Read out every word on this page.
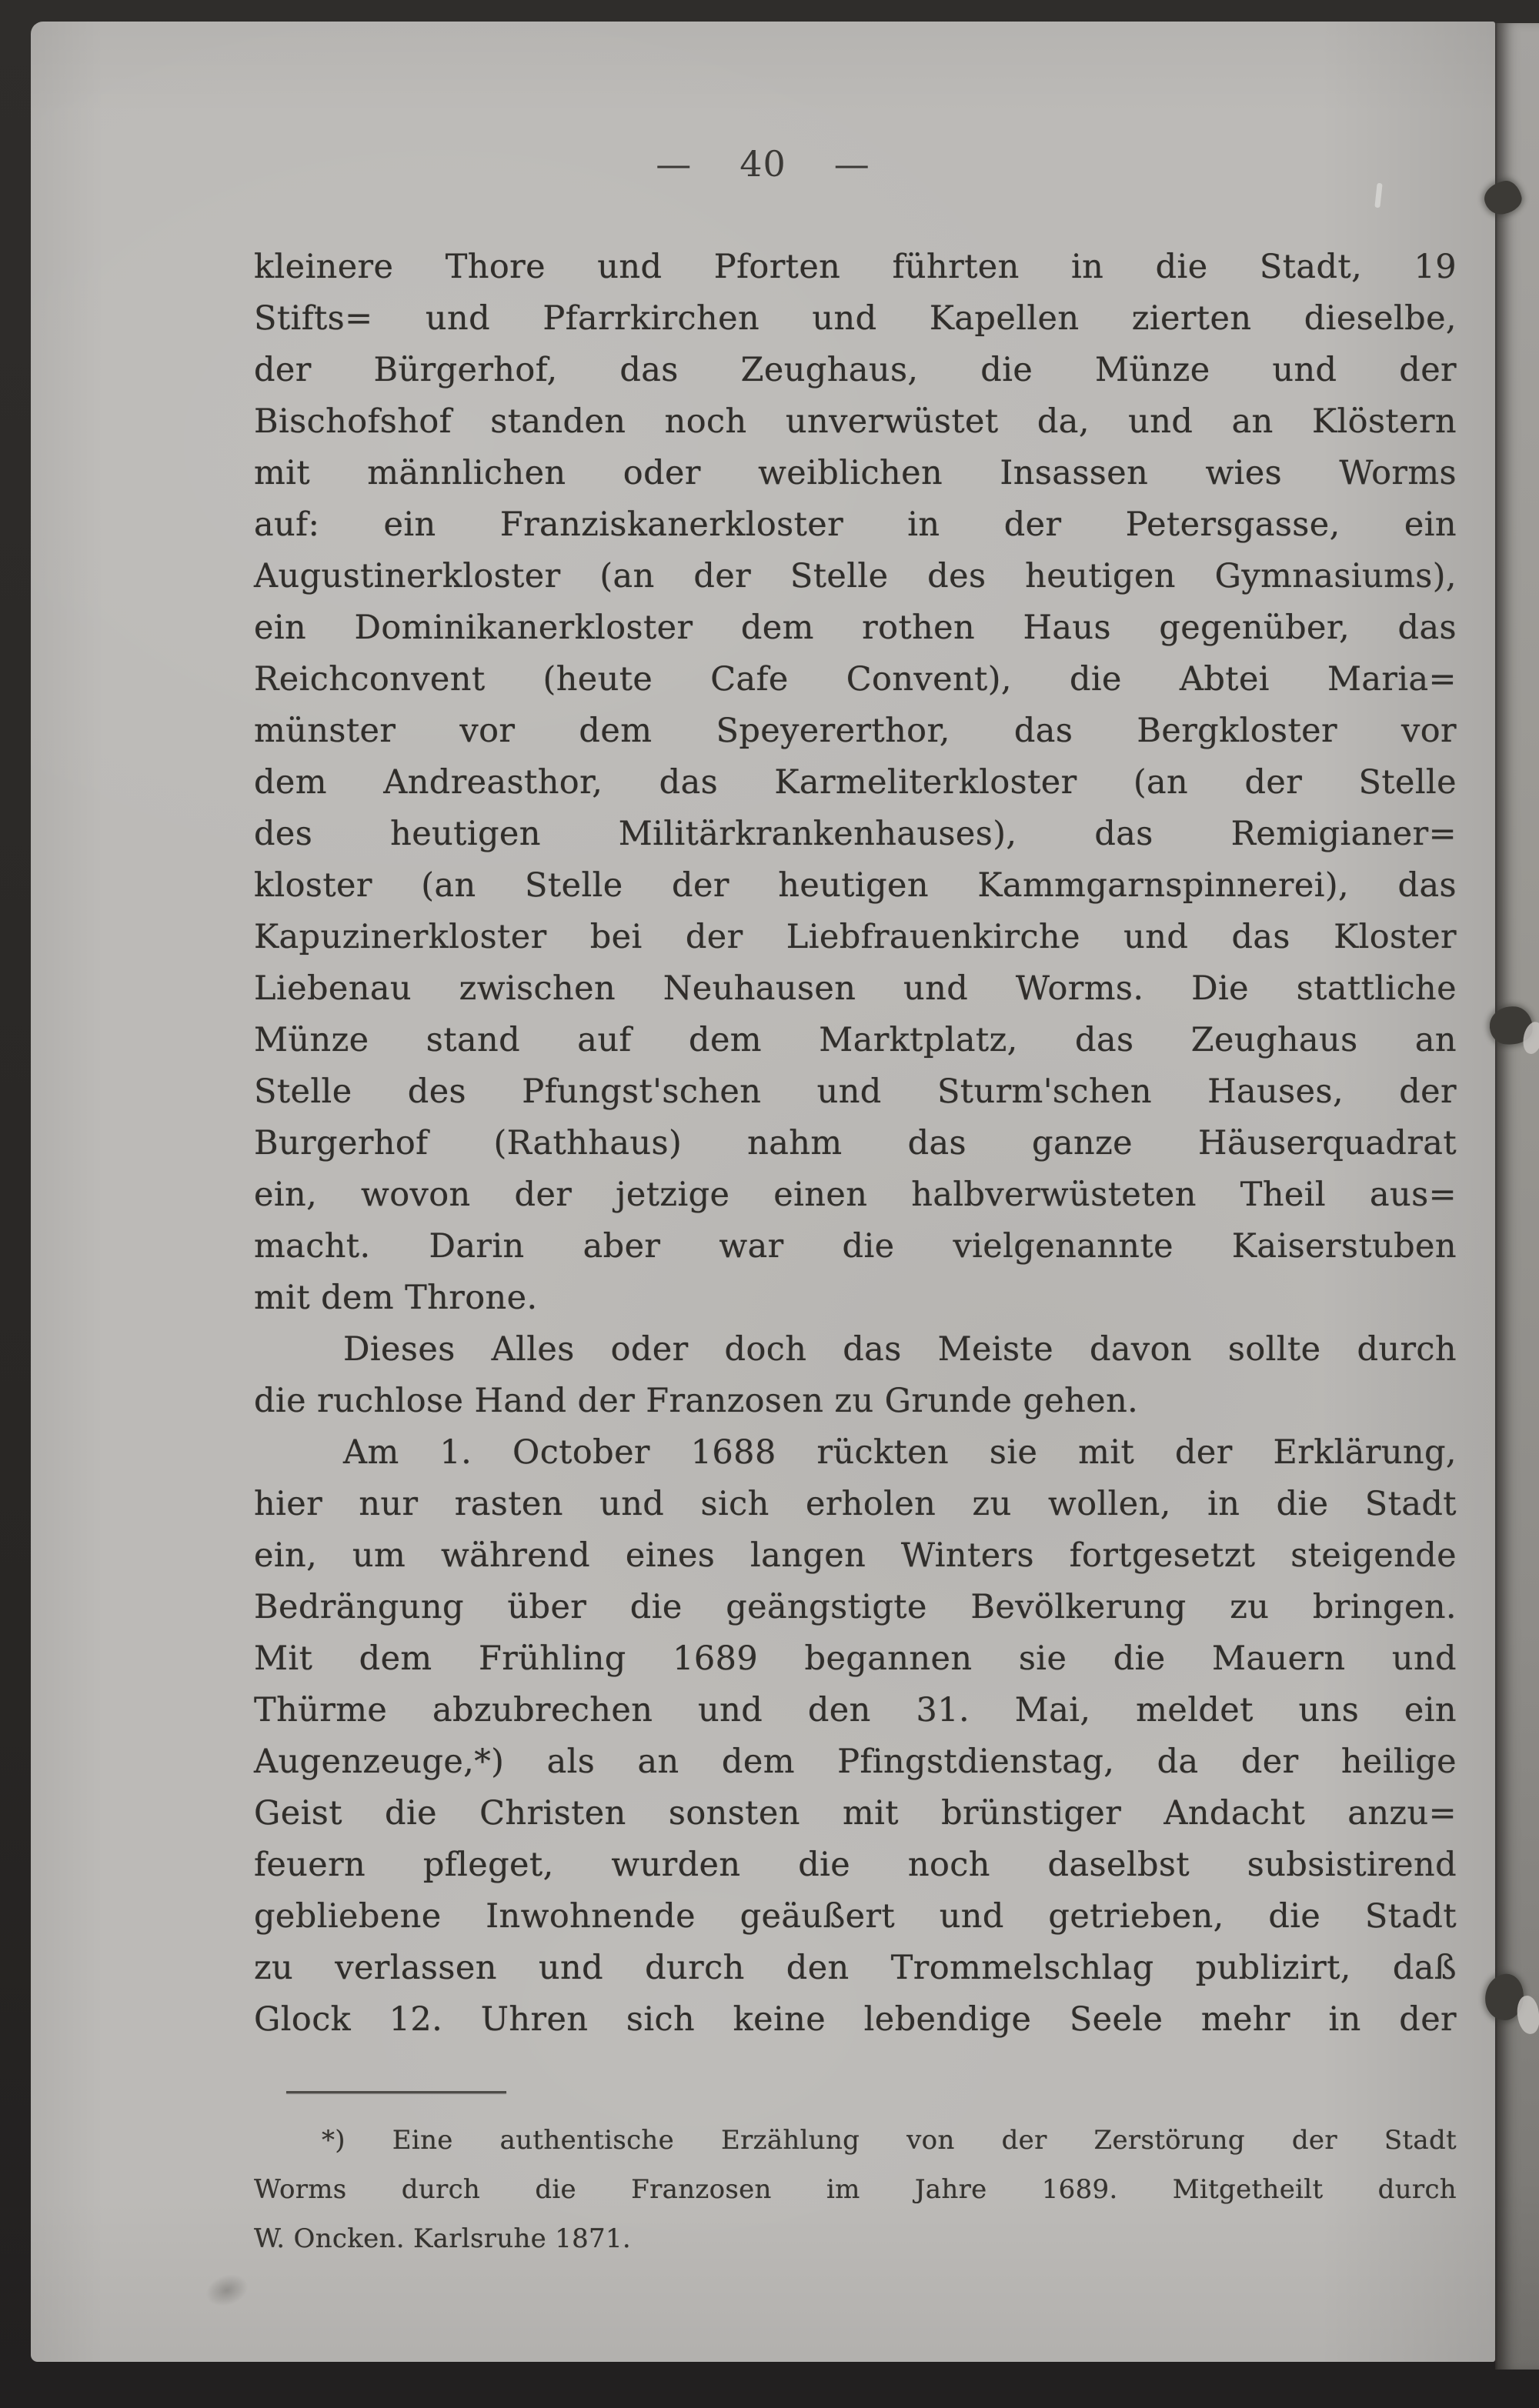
— 40 —
kleinere Thore und Pforten führten in die Stadt, 19
Stifts= und Pfarrkirchen und Kapellen zierten dieselbe,
der Bürgerhof, das Zeughaus, die Münze und der
Bischofshof standen noch unverwüstet da, und an Klöstern
mit männlichen oder weiblichen Insassen wies Worms
auf: ein Franziskanerkloster in der Petersgasse, ein
Augustinerkloster (an der Stelle des heutigen Gymnasiums),
ein Dominikanerkloster dem rothen Haus gegenüber, das
Reichconvent (heute Cafe Convent), die Abtei Maria=
münster vor dem Speyererthor, das Bergkloster vor
dem Andreasthor, das Karmeliterkloster (an der Stelle
des heutigen Militärkrankenhauses), das Remigianer=
kloster (an Stelle der heutigen Kammgarnspinnerei), das
Kapuzinerkloster bei der Liebfrauenkirche und das Kloster
Liebenau zwischen Neuhausen und Worms. Die stattliche
Münze stand auf dem Marktplatz, das Zeughaus an
Stelle des Pfungst'schen und Sturm'schen Hauses, der
Burgerhof (Rathhaus) nahm das ganze Häuserquadrat
ein, wovon der jetzige einen halbverwüsteten Theil aus=
macht. Darin aber war die vielgenannte Kaiserstuben
mit dem Throne.
Dieses Alles oder doch das Meiste davon sollte durch
die ruchlose Hand der Franzosen zu Grunde gehen.
Am 1. October 1688 rückten sie mit der Erklärung,
hier nur rasten und sich erholen zu wollen, in die Stadt
ein, um während eines langen Winters fortgesetzt steigende
Bedrängung über die geängstigte Bevölkerung zu bringen.
Mit dem Frühling 1689 begannen sie die Mauern und
Thürme abzubrechen und den 31. Mai, meldet uns ein
Augenzeuge,*) als an dem Pfingstdienstag, da der heilige
Geist die Christen sonsten mit brünstiger Andacht anzu=
feuern pfleget, wurden die noch daselbst subsistirend
gebliebene Inwohnende geäußert und getrieben, die Stadt
zu verlassen und durch den Trommelschlag publizirt, daß
Glock 12. Uhren sich keine lebendige Seele mehr in der
*) Eine authentische Erzählung von der Zerstörung der Stadt
Worms durch die Franzosen im Jahre 1689. Mitgetheilt durch
W. Oncken. Karlsruhe 1871.
